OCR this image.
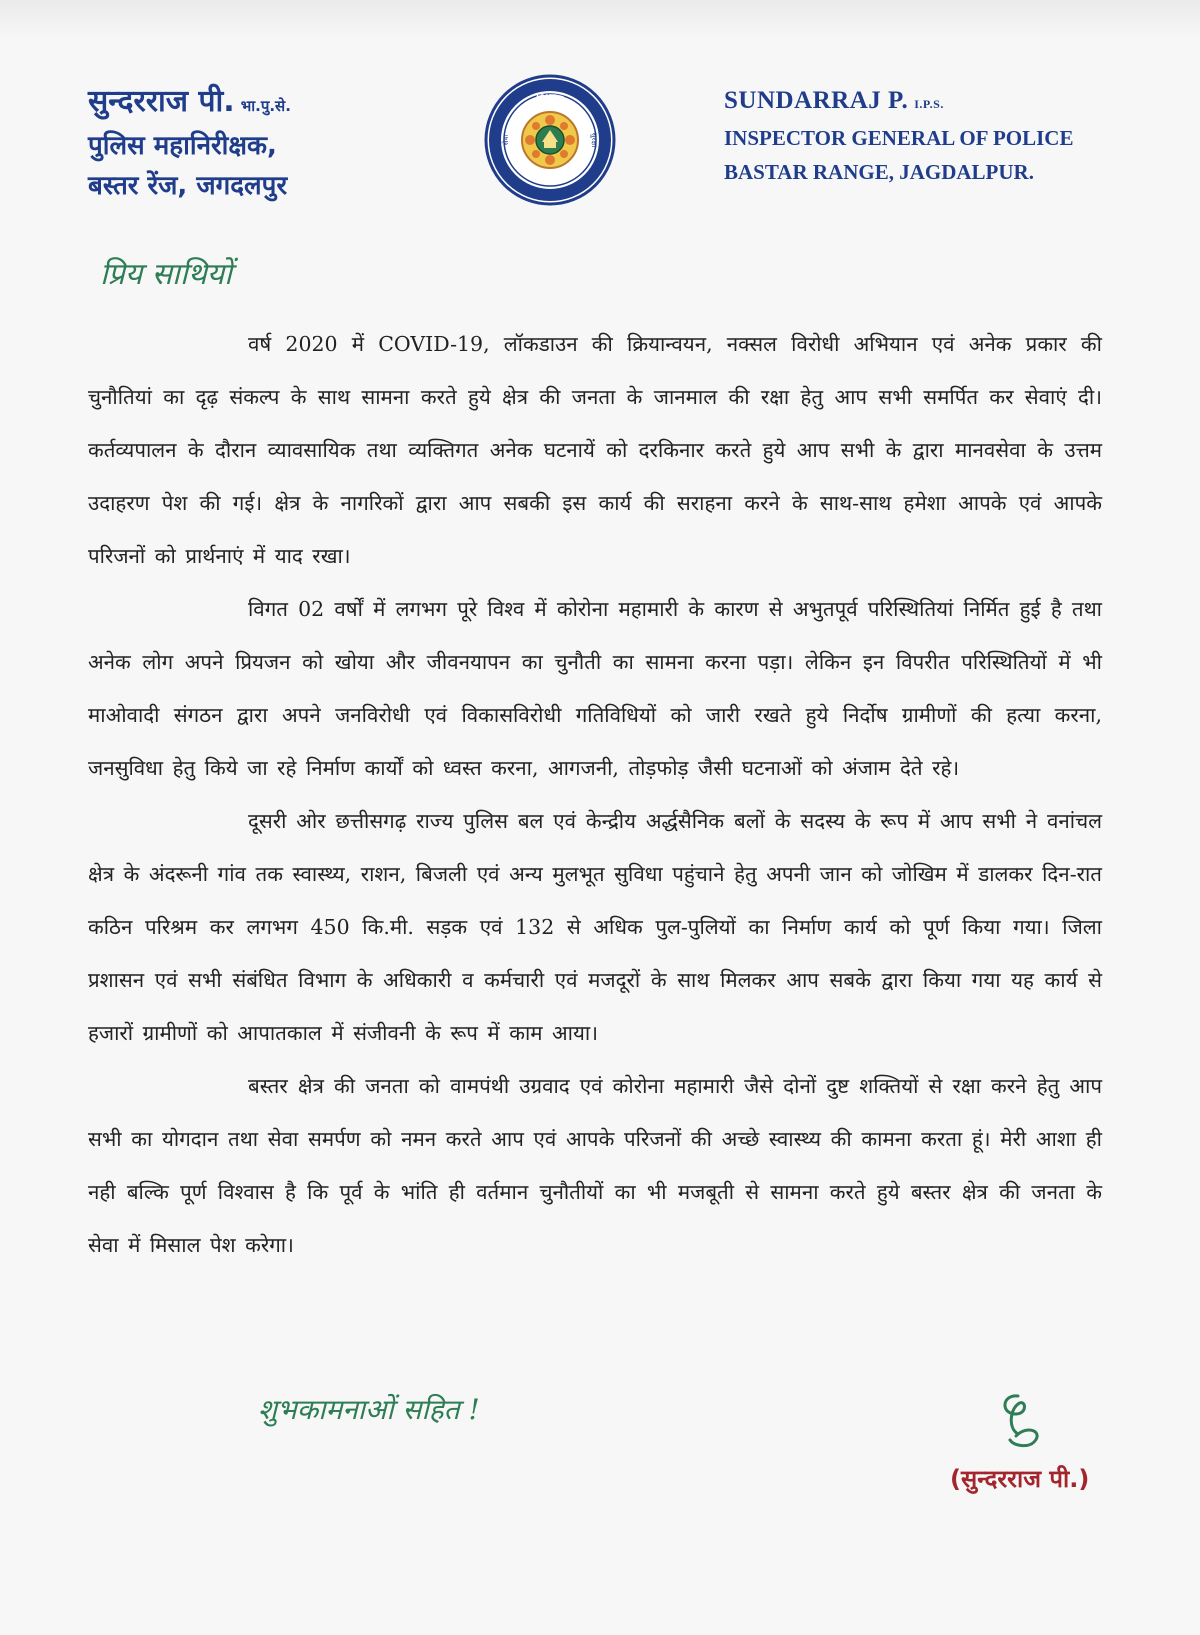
सुन्दरराज पी. भा.पु.से.
पुलिस महानिरीक्षक,
बस्तर रेंज, जगदलपुर
विश्वास
बस्तर पुलिस
सेवा	सुरक्षा
SUNDARRAJ P. I.P.S.
INSPECTOR GENERAL OF POLICE
BASTAR RANGE, JAGDALPUR.
प्रिय साथियों

वर्ष 2020 में COVID-19, लॉकडाउन की क्रियान्वयन, नक्सल विरोधी अभियान एवं अनेक प्रकार की चुनौतियां का दृढ़ संकल्प के साथ सामना करते हुये क्षेत्र की जनता के जानमाल की रक्षा हेतु आप सभी समर्पित कर सेवाएं दी। कर्तव्यपालन के दौरान व्यावसायिक तथा व्यक्तिगत अनेक घटनायें को दरकिनार करते हुये आप सभी के द्वारा मानवसेवा के उत्तम उदाहरण पेश की गई। क्षेत्र के नागरिकों द्वारा आप सबकी इस कार्य की सराहना करने के साथ-साथ हमेशा आपके एवं आपके परिजनों को प्रार्थनाएं में याद रखा।

विगत 02 वर्षों में लगभग पूरे विश्व में कोरोना महामारी के कारण से अभुतपूर्व परिस्थितियां निर्मित हुई है तथा अनेक लोग अपने प्रियजन को खोया और जीवनयापन का चुनौती का सामना करना पड़ा। लेकिन इन विपरीत परिस्थितियों में भी माओवादी संगठन द्वारा अपने जनविरोधी एवं विकासविरोधी गतिविधियों को जारी रखते हुये निर्दोष ग्रामीणों की हत्या करना, जनसुविधा हेतु किये जा रहे निर्माण कार्यों को ध्वस्त करना, आगजनी, तोड़फोड़ जैसी घटनाओं को अंजाम देते रहे।

दूसरी ओर छत्तीसगढ़ राज्य पुलिस बल एवं केन्द्रीय अर्द्धसैनिक बलों के सदस्य के रूप में आप सभी ने वनांचल क्षेत्र के अंदरूनी गांव तक स्वास्थ्य, राशन, बिजली एवं अन्य मुलभूत सुविधा पहुंचाने हेतु अपनी जान को जोखिम में डालकर दिन-रात कठिन परिश्रम कर लगभग 450 कि.मी. सड़क एवं 132 से अधिक पुल-पुलियों का निर्माण कार्य को पूर्ण किया गया। जिला प्रशासन एवं सभी संबंधित विभाग के अधिकारी व कर्मचारी एवं मजदूरों के साथ मिलकर आप सबके द्वारा किया गया यह कार्य से हजारों ग्रामीणों को आपातकाल में संजीवनी के रूप में काम आया।

बस्तर क्षेत्र की जनता को वामपंथी उग्रवाद एवं कोरोना महामारी जैसे दोनों दुष्ट शक्तियों से रक्षा करने हेतु आप सभी का योगदान तथा सेवा समर्पण को नमन करते आप एवं आपके परिजनों की अच्छे स्वास्थ्य की कामना करता हूं। मेरी आशा ही नही बल्कि पूर्ण विश्वास है कि पूर्व के भांति ही वर्तमान चुनौतीयों का भी मजबूती से सामना करते हुये बस्तर क्षेत्र की जनता के सेवा में मिसाल पेश करेगा।

शुभकामनाओं सहित !
(सुन्दरराज पी.)
